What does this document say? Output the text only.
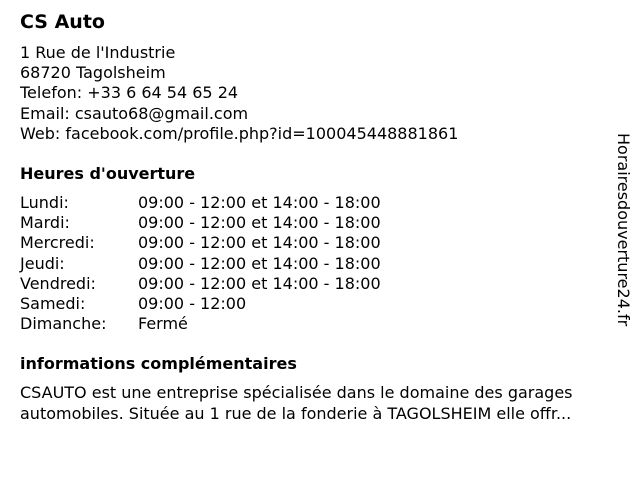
CS Auto
1 Rue de l'Industrie
68720 Tagolsheim
Telefon: +33 6 64 54 65 24
Email: csauto68@gmail.com
Web: facebook.com/profile.php?id=100045448881861
Heures d'ouverture
Lundi:	09:00 - 12:00 et 14:00 - 18:00
Mardi:	09:00 - 12:00 et 14:00 - 18:00
Mercredi:	09:00 - 12:00 et 14:00 - 18:00
Jeudi:	09:00 - 12:00 et 14:00 - 18:00
Vendredi:	09:00 - 12:00 et 14:00 - 18:00
Samedi:	09:00 - 12:00
Dimanche:	Fermé
informations complémentaires
CSAUTO est une entreprise spécialisée dans le domaine des garages
automobiles. Située au 1 rue de la fonderie à TAGOLSHEIM elle offr...
Horairesdouverture24.fr
